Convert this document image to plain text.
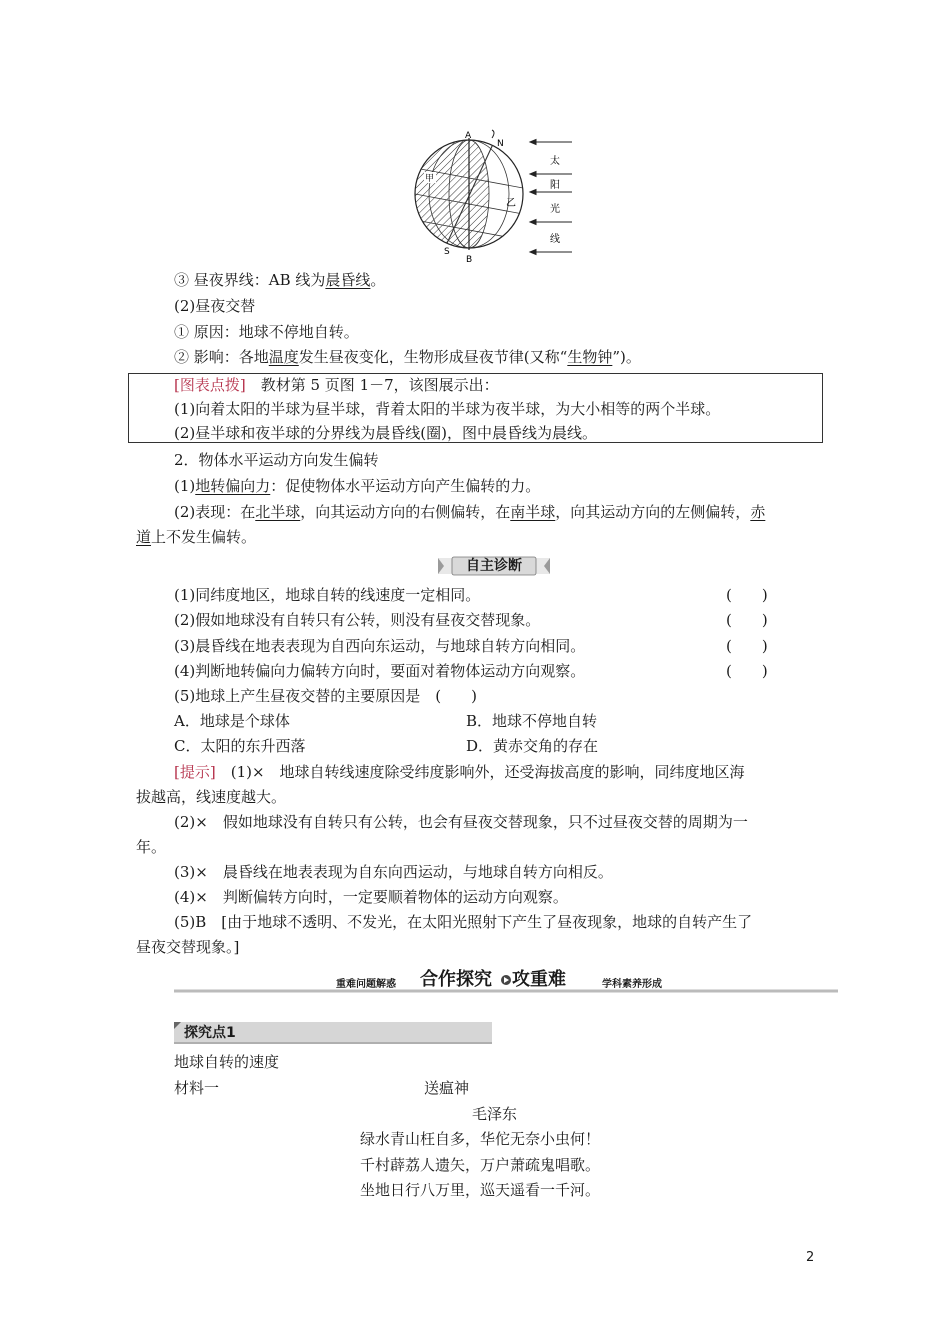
A
N
S
B
甲
乙
太
阳
光
线
③ 昼夜界线：AB 线为晨昏线。
(2)昼夜交替
① 原因：地球不停地自转。
② 影响：各地温度发生昼夜变化，生物形成昼夜节律(又称“生物钟”)。
[图表点拨]　教材第 5 页图 1－7，该图展示出：
(1)向着太阳的半球为昼半球，背着太阳的半球为夜半球，为大小相等的两个半球。
(2)昼半球和夜半球的分界线为晨昏线(圈)，图中晨昏线为晨线。
2．物体水平运动方向发生偏转
(1)地转偏向力：促使物体水平运动方向产生偏转的力。
(2)表现：在北半球，向其运动方向的右侧偏转，在南半球，向其运动方向的左侧偏转，赤
道上不发生偏转。
自主诊断
(1)同纬度地区，地球自转的线速度一定相同。	(　　)
(2)假如地球没有自转只有公转，则没有昼夜交替现象。	(　　)
(3)晨昏线在地表表现为自西向东运动，与地球自转方向相同。	(　　)
(4)判断地转偏向力偏转方向时，要面对着物体运动方向观察。	(　　)
(5)地球上产生昼夜交替的主要原因是　(　　)
A．地球是个球体	B．地球不停地自转
C．太阳的东升西落	D．黄赤交角的存在
[提示]　(1)×　地球自转线速度除受纬度影响外，还受海拔高度的影响，同纬度地区海
拔越高，线速度越大。
(2)×　假如地球没有自转只有公转，也会有昼夜交替现象，只不过昼夜交替的周期为一
年。
(3)×　晨昏线在地表表现为自东向西运动，与地球自转方向相反。
(4)×　判断偏转方向时，一定要顺着物体的运动方向观察。
(5)B　[由于地球不透明、不发光，在太阳光照射下产生了昼夜现象，地球的自转产生了
昼夜交替现象。]
重难问题解惑 合作探究 攻重难	学科素养形成
探究点1
地球自转的速度
材料一	送瘟神
毛泽东
绿水青山枉自多，华佗无奈小虫何！
千村薜荔人遗矢，万户萧疏鬼唱歌。
坐地日行八万里，巡天遥看一千河。
2
